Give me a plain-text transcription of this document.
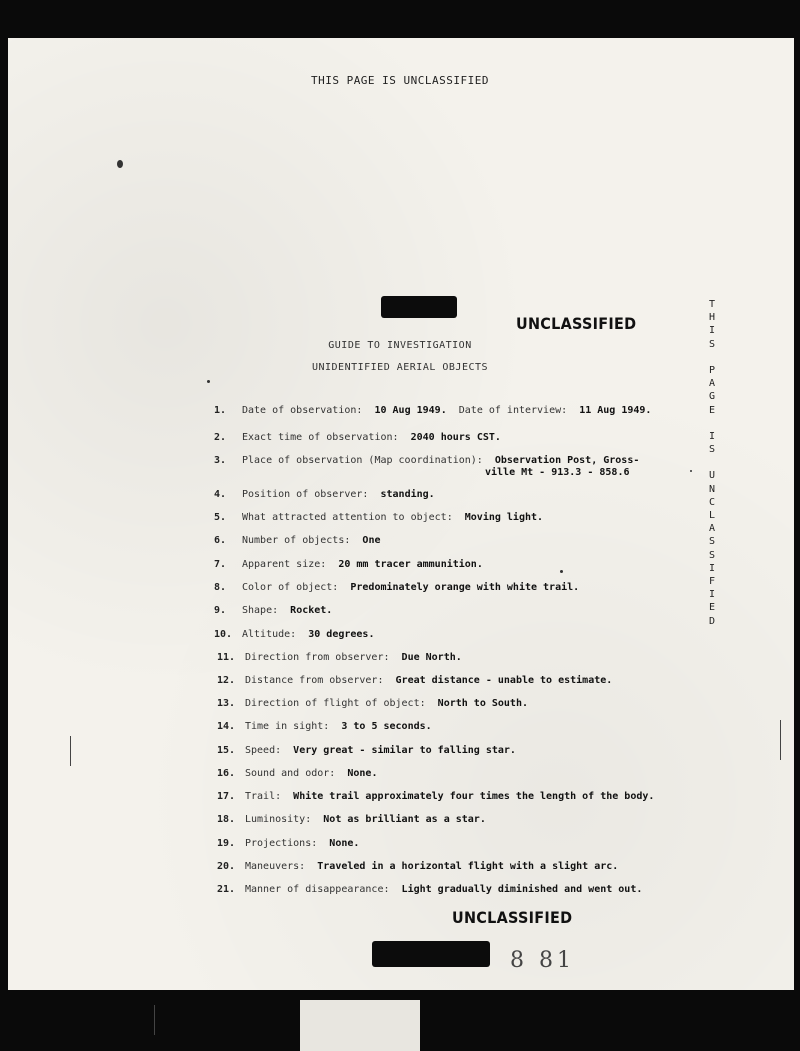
THIS PAGE IS UNCLASSIFIED
UNCLASSIFIED
GUIDE TO INVESTIGATION
UNIDENTIFIED AERIAL OBJECTS
T
H
I
S
P
A
G
E
I
S
U
N
C
L
A
S
S
I
F
I
E
D
1. Date of observation: 10 Aug 1949. Date of interview: 11 Aug 1949.
2. Exact time of observation: 2040 hours CST.
3. Place of observation (Map coordination): Observation Post, Gross-
ville Mt - 913.3 - 858.6
4. Position of observer: standing.
5. What attracted attention to object: Moving light.
6. Number of objects: One
7. Apparent size: 20 mm tracer ammunition.
8. Color of object: Predominately orange with white trail.
9. Shape: Rocket.
10. Altitude: 30 degrees.
11. Direction from observer: Due North.
12. Distance from observer: Great distance - unable to estimate.
13. Direction of flight of object: North to South.
14. Time in sight: 3 to 5 seconds.
15. Speed: Very great - similar to falling star.
16. Sound and odor: None.
17. Trail: White trail approximately four times the length of the body.
18. Luminosity: Not as brilliant as a star.
19. Projections: None.
20. Maneuvers: Traveled in a horizontal flight with a slight arc.
21. Manner of disappearance: Light gradually diminished and went out.
UNCLASSIFIED
8 81
